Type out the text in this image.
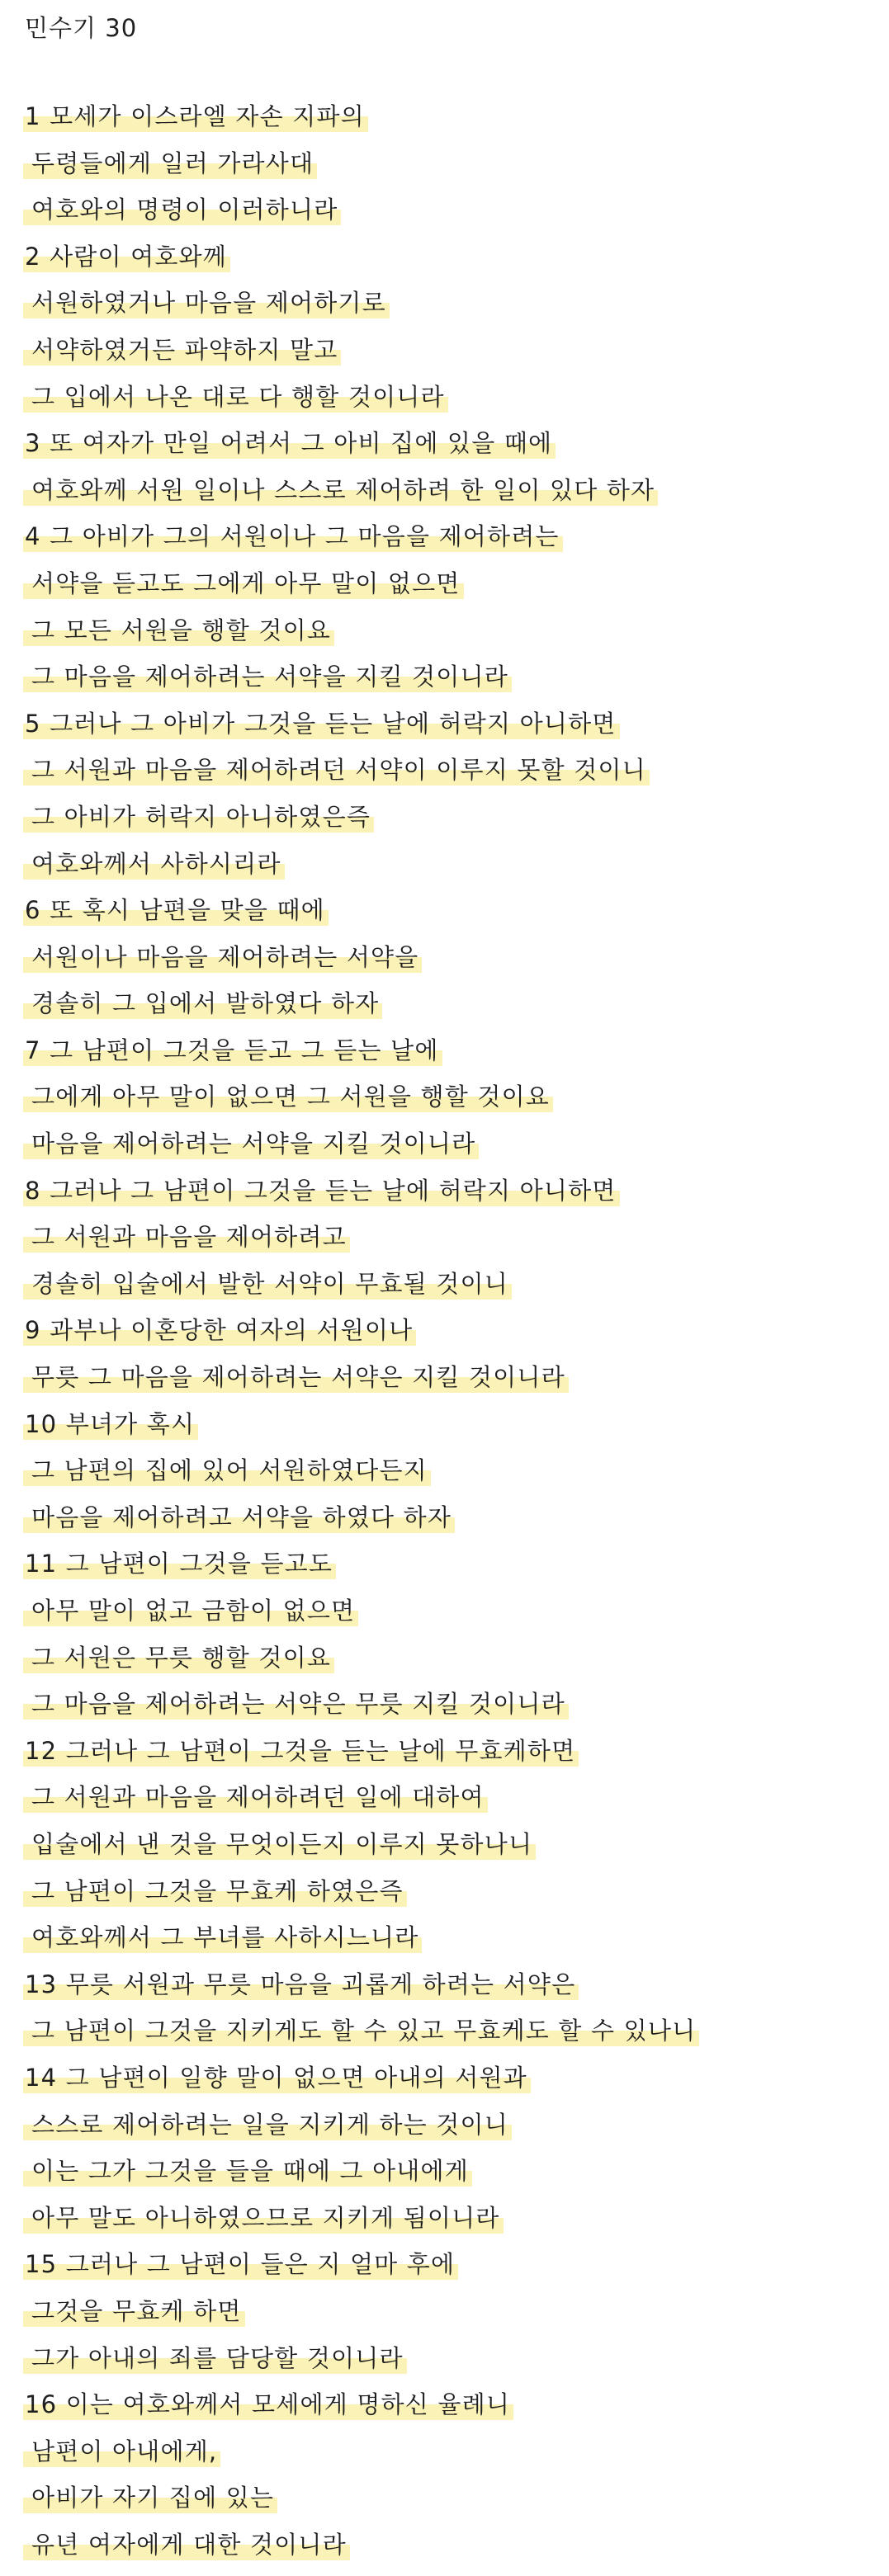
민수기 30
1 모세가 이스라엘 자손 지파의
두령들에게 일러 가라사대
여호와의 명령이 이러하니라
2 사람이 여호와께
서원하였거나 마음을 제어하기로
서약하였거든 파약하지 말고
그 입에서 나온 대로 다 행할 것이니라
3 또 여자가 만일 어려서 그 아비 집에 있을 때에
여호와께 서원 일이나 스스로 제어하려 한 일이 있다 하자
4 그 아비가 그의 서원이나 그 마음을 제어하려는
서약을 듣고도 그에게 아무 말이 없으면
그 모든 서원을 행할 것이요
그 마음을 제어하려는 서약을 지킬 것이니라
5 그러나 그 아비가 그것을 듣는 날에 허락지 아니하면
그 서원과 마음을 제어하려던 서약이 이루지 못할 것이니
그 아비가 허락지 아니하였은즉
여호와께서 사하시리라
6 또 혹시 남편을 맞을 때에
서원이나 마음을 제어하려는 서약을
경솔히 그 입에서 발하였다 하자
7 그 남편이 그것을 듣고 그 듣는 날에
그에게 아무 말이 없으면 그 서원을 행할 것이요
마음을 제어하려는 서약을 지킬 것이니라
8 그러나 그 남편이 그것을 듣는 날에 허락지 아니하면
그 서원과 마음을 제어하려고
경솔히 입술에서 발한 서약이 무효될 것이니
9 과부나 이혼당한 여자의 서원이나
무릇 그 마음을 제어하려는 서약은 지킬 것이니라
10 부녀가 혹시
그 남편의 집에 있어 서원하였다든지
마음을 제어하려고 서약을 하였다 하자
11 그 남편이 그것을 듣고도
아무 말이 없고 금함이 없으면
그 서원은 무릇 행할 것이요
그 마음을 제어하려는 서약은 무릇 지킬 것이니라
12 그러나 그 남편이 그것을 듣는 날에 무효케하면
그 서원과 마음을 제어하려던 일에 대하여
입술에서 낸 것을 무엇이든지 이루지 못하나니
그 남편이 그것을 무효케 하였은즉
여호와께서 그 부녀를 사하시느니라
13 무릇 서원과 무릇 마음을 괴롭게 하려는 서약은
그 남편이 그것을 지키게도 할 수 있고 무효케도 할 수 있나니
14 그 남편이 일향 말이 없으면 아내의 서원과
스스로 제어하려는 일을 지키게 하는 것이니
이는 그가 그것을 들을 때에 그 아내에게
아무 말도 아니하였으므로 지키게 됨이니라
15 그러나 그 남편이 들은 지 얼마 후에
그것을 무효케 하면
그가 아내의 죄를 담당할 것이니라
16 이는 여호와께서 모세에게 명하신 율례니
남편이 아내에게,
아비가 자기 집에 있는
유년 여자에게 대한 것이니라
